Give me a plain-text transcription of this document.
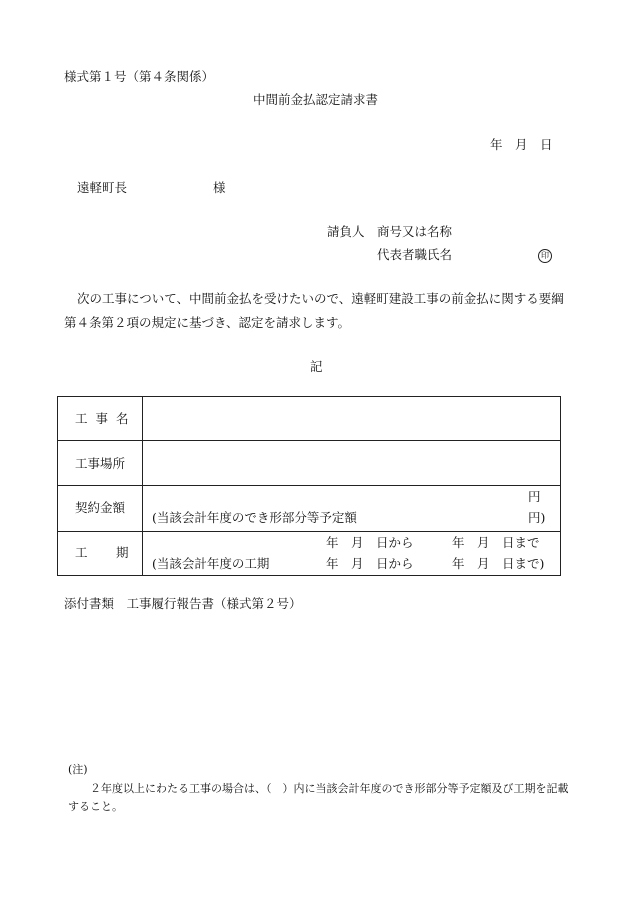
様式第１号（第４条関係）
中間前金払認定請求書
年　月　日
遠軽町長	様
請負人 商号又は名称
代表者職氏名	印
次の工事について、中間前金払を受けたいので、遠軽町建設工事の前金払に関する要綱
第４条第２項の規定に基づき、認定を請求します。
記
工 事 名	

工事場所	

契約金額	円
(当該会計年度のでき形部分等予定額 円)

工 期	年　月　日から 年　月　日まで
(当該会計年度の工期 年　月　日から 年　月　日まで)
添付書類　工事履行報告書（様式第２号）
(注)
２年度以上にわたる工事の場合は、（　）内に当該会計年度のでき形部分等予定額及び工期を記載すること。
